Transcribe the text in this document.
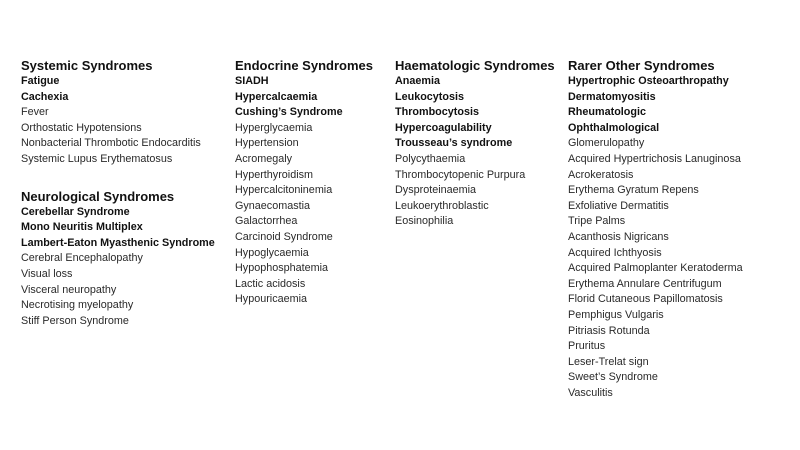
Systemic Syndromes
Fatigue
Cachexia
Fever
Orthostatic Hypotensions
Nonbacterial Thrombotic Endocarditis
Systemic Lupus Erythematosus
Neurological Syndromes
Cerebellar Syndrome
Mono Neuritis Multiplex
Lambert-Eaton Myasthenic Syndrome
Cerebral Encephalopathy
Visual loss
Visceral neuropathy
Necrotising myelopathy
Stiff Person Syndrome
Endocrine Syndromes
SIADH
Hypercalcaemia
Cushing’s Syndrome
Hyperglycaemia
Hypertension
Acromegaly
Hyperthyroidism
Hypercalcitoninemia
Gynaecomastia
Galactorrhea
Carcinoid Syndrome
Hypoglycaemia
Hypophosphatemia
Lactic acidosis
Hypouricaemia
Haematologic Syndromes
Anaemia
Leukocytosis
Thrombocytosis
Hypercoagulability
Trousseau’s syndrome
Polycythaemia
Thrombocytopenic Purpura
Dysproteinaemia
Leukoerythroblastic
Eosinophilia
Rarer Other Syndromes
Hypertrophic Osteoarthropathy
Dermatomyositis
Rheumatologic
Ophthalmological
Glomerulopathy
Acquired Hypertrichosis Lanuginosa
Acrokeratosis
Erythema Gyratum Repens
Exfoliative Dermatitis
Tripe Palms
Acanthosis Nigricans
Acquired Ichthyosis
Acquired Palmoplanter Keratoderma
Erythema Annulare Centrifugum
Florid Cutaneous Papillomatosis
Pemphigus Vulgaris
Pitriasis Rotunda
Pruritus
Leser-Trelat sign
Sweet’s Syndrome
Vasculitis
